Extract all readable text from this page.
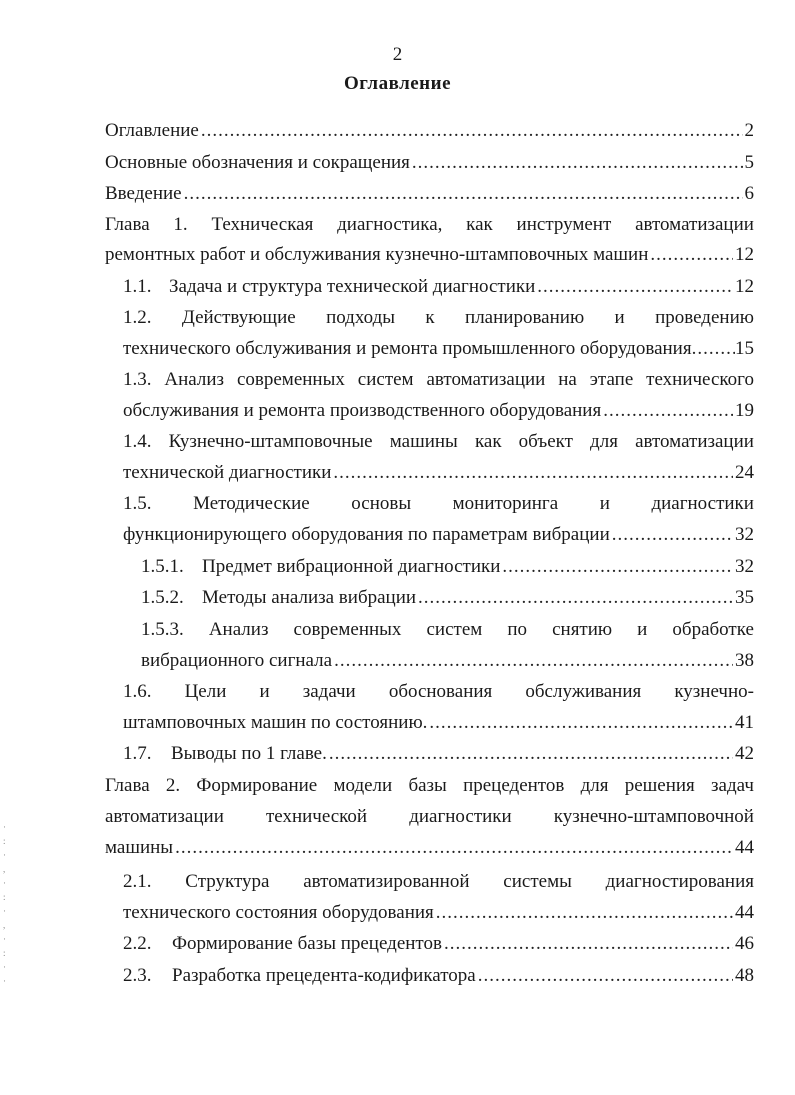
2
Оглавление
Оглавление .....	2
Основные обозначения и сокращения .....	5
Введение .....	6
Глава 1. Техническая диагностика, как инструмент автоматизации
ремонтных работ и обслуживания кузнечно-штамповочных машин .....	12
1.1. Задача и структура технической диагностики .....	12
1.2. Действующие подходы к планированию и проведению
технического обслуживания и ремонта промышленного оборудования ..... 15
1.3. Анализ современных систем автоматизации на этапе технического
обслуживания и ремонта производственного оборудования .....	19
1.4. Кузнечно-штамповочные машины как объект для автоматизации
технической диагностики .....	24
1.5. Методические основы мониторинга и диагностики
функционирующего оборудования по параметрам вибрации .....	32
1.5.1. Предмет вибрационной диагностики .....	32
1.5.2. Методы анализа вибрации .....	35
1.5.3. Анализ современных систем по снятию и обработке
вибрационного сигнала .....	38
1.6. Цели и задачи обоснования обслуживания кузнечно-
штамповочных машин по состоянию. .....	41
1.7.	Выводы по 1 главе. .....	42
Глава 2. Формирование модели базы прецедентов для решения задач
автоматизации технической диагностики кузнечно-штамповочной
машины .....	44
2.1. Структура автоматизированной системы диагностирования
технического состояния оборудования .....	44
2.2.	Формирование базы прецедентов .....	46
2.3.	Разработка прецедента-кодификатора .....	48
·
:
·
,
·
:
·
,
·
:
·
·
